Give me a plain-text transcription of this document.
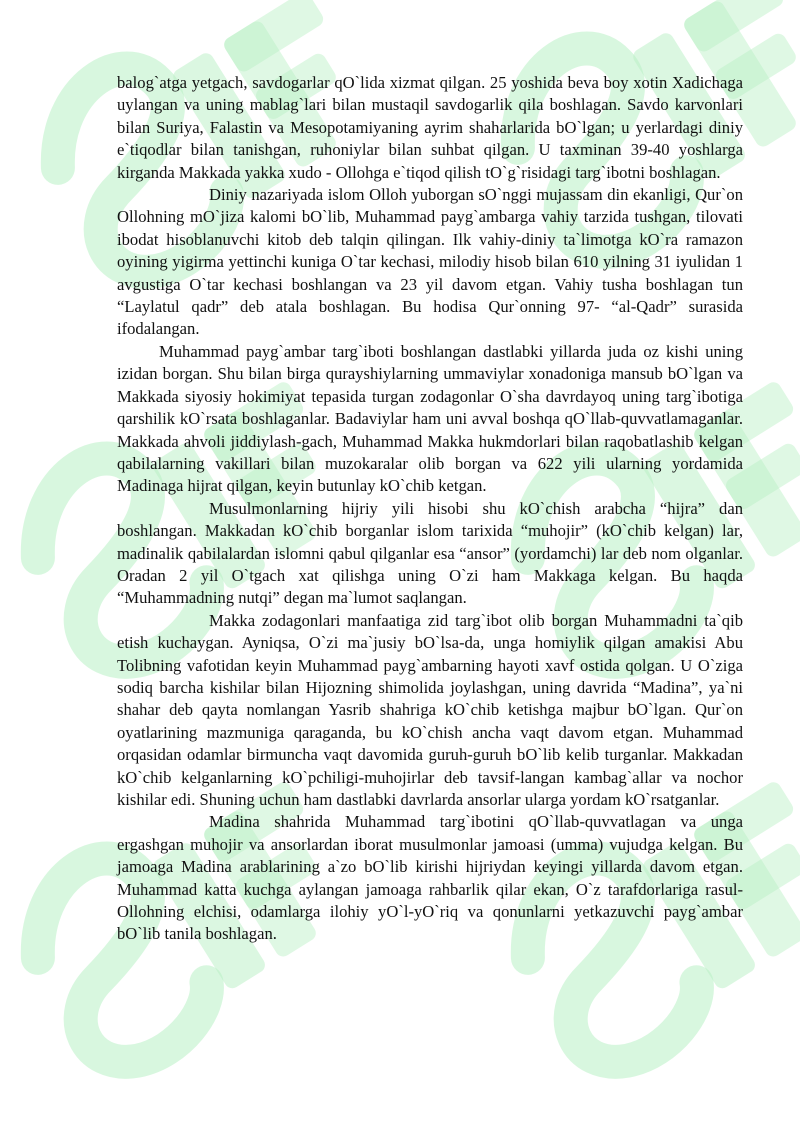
balog`atga yetgach, savdogarlar qO`lida xizmat qilgan. 25 yoshida beva boy xotin Xadichaga uylangan va uning mablag`lari bilan mustaqil savdogarlik qila boshlagan. Savdo karvonlari bilan Suriya, Falastin va Mesopotamiyaning ayrim shaharlarida bO`lgan; u yerlardagi diniy e`tiqodlar bilan tanishgan, ruhoniylar bilan suhbat qilgan. U taxminan 39-40 yoshlarga kirganda Makkada yakka xudo - Ollohga e`tiqod qilish tO`g`risidagi targ`ibotni boshlagan.

Diniy nazariyada islom Olloh yuborgan sO`nggi mujassam din ekanligi, Qur`on Ollohning mO`jiza kalomi bO`lib, Muhammad payg`ambarga vahiy tarzida tushgan, tilovati ibodat hisoblanuvchi kitob deb talqin qilingan. Ilk vahiy-diniy ta`limotga kO`ra ramazon oyining yigirma yettinchi kuniga O`tar kechasi, milodiy hisob bilan 610 yilning 31 iyulidan 1 avgustiga O`tar kechasi boshlangan va 23 yil davom etgan. Vahiy tusha boshlagan tun “Laylatul qadr” deb atala boshlagan. Bu hodisa Qur`onning 97- “al-Qadr” surasida ifodalangan.

Muhammad payg`ambar targ`iboti boshlangan dastlabki yillarda juda oz kishi uning izidan borgan. Shu bilan birga qurayshiylarning ummaviylar xonadoniga mansub bO`lgan va Makkada siyosiy hokimiyat tepasida turgan zodagonlar O`sha davrdayoq uning targ`ibotiga qarshilik kO`rsata boshlaganlar. Badaviylar ham uni avval boshqa qO`llab-quvvatlamaganlar. Makkada ahvoli jiddiylash-gach, Muhammad Makka hukmdorlari bilan raqobatlashib kelgan qabilalarning vakillari bilan muzokaralar olib borgan va 622 yili ularning yordamida Madinaga hijrat qilgan, keyin butunlay kO`chib ketgan.

Musulmonlarning hijriy yili hisobi shu kO`chish arabcha “hijra” dan boshlangan. Makkadan kO`chib borganlar islom tarixida “muhojir” (kO`chib kelgan) lar, madinalik qabilalardan islomni qabul qilganlar esa “ansor” (yordamchi) lar deb nom olganlar. Oradan 2 yil O`tgach xat qilishga uning O`zi ham Makkaga kelgan. Bu haqda “Muhammadning nutqi” degan ma`lumot saqlangan.

Makka zodagonlari manfaatiga zid targ`ibot olib borgan Muhammadni ta`qib etish kuchaygan. Ayniqsa, O`zi ma`jusiy bO`lsa-da, unga homiylik qilgan amakisi Abu Tolibning vafotidan keyin Muhammad payg`ambarning hayoti xavf ostida qolgan. U O`ziga sodiq barcha kishilar bilan Hijozning shimolida joylashgan, uning davrida “Madina”, ya`ni shahar deb qayta nomlangan Yasrib shahriga kO`chib ketishga majbur bO`lgan. Qur`on oyatlarining mazmuniga qaraganda, bu kO`chish ancha vaqt davom etgan. Muhammad orqasidan odamlar birmuncha vaqt davomida guruh-guruh bO`lib kelib turganlar. Makkadan kO`chib kelganlarning kO`pchiligi-muhojirlar deb tavsif-langan kambag`allar va nochor kishilar edi. Shuning uchun ham dastlabki davrlarda ansorlar ularga yordam kO`rsatganlar.

Madina shahrida Muhammad targ`ibotini qO`llab-quvvatlagan va unga ergashgan muhojir va ansorlardan iborat musulmonlar jamoasi (umma) vujudga kelgan. Bu jamoaga Madina arablarining a`zo bO`lib kirishi hijriydan keyingi yillarda davom etgan. Muhammad katta kuchga aylangan jamoaga rahbarlik qilar ekan, O`z tarafdorlariga rasul-Ollohning elchisi, odamlarga ilohiy yO`l-yO`riq va qonunlarni yetkazuvchi payg`ambar bO`lib tanila boshlagan.
